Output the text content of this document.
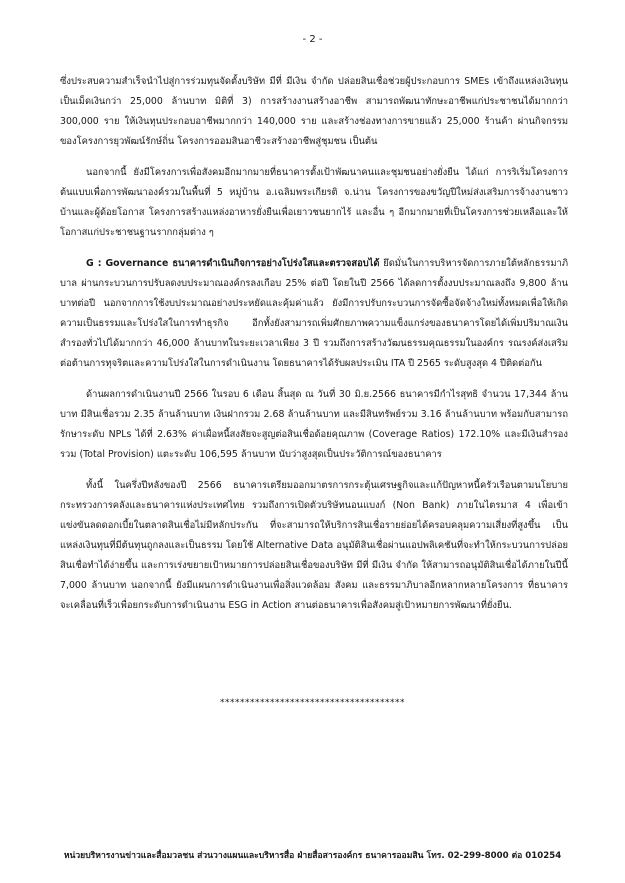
- 2 -

ซึ่งประสบความสำเร็จนำไปสู่การร่วมทุนจัดตั้งบริษัท มีที่ มีเงิน จำกัด ปล่อยสินเชื่อช่วยผู้ประกอบการ SMEs เข้าถึงแหล่งเงินทุนเป็นเม็ดเงินกว่า 25,000 ล้านบาท มิติที่ 3) การสร้างงานสร้างอาชีพ สามารถพัฒนาทักษะอาชีพแก่ประชาชนได้มากกว่า 300,000 ราย ให้เงินทุนประกอบอาชีพมากกว่า 140,000 ราย และสร้างช่องทางการขายแล้ว 25,000 ร้านค้า ผ่านกิจกรรมของโครงการยุวพัฒน์รักษ์ถิ่น โครงการออมสินอาชีวะสร้างอาชีพสู่ชุมชน เป็นต้น

นอกจากนี้ ยังมีโครงการเพื่อสังคมอีกมากมายที่ธนาคารตั้งเป้าพัฒนาคนและชุมชนอย่างยั่งยืน ได้แก่ การริเริ่มโครงการต้นแบบเพื่อการพัฒนาองค์รวมในพื้นที่ 5 หมู่บ้าน อ.เฉลิมพระเกียรติ จ.น่าน โครงการของขวัญปีใหม่ส่งเสริมการจ้างงานชาวบ้านและผู้ด้อยโอกาส โครงการสร้างแหล่งอาหารยั่งยืนเพื่อเยาวชนยากไร้ และอื่น ๆ อีกมากมายที่เป็นโครงการช่วยเหลือและให้โอกาสแก่ประชาชนฐานรากกลุ่มต่าง ๆ

G : Governance ธนาคารดำเนินกิจการอย่างโปร่งใสและตรวจสอบได้ ยึดมั่นในการบริหารจัดการภายใต้หลักธรรมาภิบาล ผ่านกระบวนการปรับลดงบประมาณองค์กรลงเกือบ 25% ต่อปี โดยในปี 2566 ได้ลดการตั้งงบประมาณลงถึง 9,800 ล้านบาทต่อปี นอกจากการใช้งบประมาณอย่างประหยัดและคุ้มค่าแล้ว ยังมีการปรับกระบวนการจัดซื้อจัดจ้างใหม่ทั้งหมดเพื่อให้เกิดความเป็นธรรมและโปร่งใสในการทำธุรกิจ อีกทั้งยังสามารถเพิ่มศักยภาพความแข็งแกร่งของธนาคารโดยได้เพิ่มปริมาณเงินสำรองทั่วไปได้มากกว่า 46,000 ล้านบาทในระยะเวลาเพียง 3 ปี รวมถึงการสร้างวัฒนธรรมคุณธรรมในองค์กร รณรงค์ส่งเสริมต่อต้านการทุจริตและความโปร่งใสในการดำเนินงาน โดยธนาคารได้รับผลประเมิน ITA ปี 2565 ระดับสูงสุด 4 ปีติดต่อกัน

ด้านผลการดำเนินงานปี 2566 ในรอบ 6 เดือน สิ้นสุด ณ วันที่ 30 มิ.ย.2566 ธนาคารมีกำไรสุทธิ จำนวน 17,344 ล้านบาท มีสินเชื่อรวม 2.35 ล้านล้านบาท เงินฝากรวม 2.68 ล้านล้านบาท และมีสินทรัพย์รวม 3.16 ล้านล้านบาท พร้อมกับสามารถรักษาระดับ NPLs ได้ที่ 2.63% ค่าเผื่อหนี้สงสัยจะสูญต่อสินเชื่อด้อยคุณภาพ (Coverage Ratios) 172.10% และมีเงินสำรองรวม (Total Provision) แตะระดับ 106,595 ล้านบาท นับว่าสูงสุดเป็นประวัติการณ์ของธนาคาร

ทั้งนี้ ในครึ่งปีหลังของปี 2566 ธนาคารเตรียมออกมาตรการกระตุ้นเศรษฐกิจและแก้ปัญหาหนี้ครัวเรือนตามนโยบายกระทรวงการคลังและธนาคารแห่งประเทศไทย รวมถึงการเปิดตัวบริษัทนอนแบงก์ (Non Bank) ภายในไตรมาส 4 เพื่อเข้าแข่งขันลดดอกเบี้ยในตลาดสินเชื่อไม่มีหลักประกัน ที่จะสามารถให้บริการสินเชื่อรายย่อยได้ครอบคลุมความเสี่ยงที่สูงขึ้น เป็นแหล่งเงินทุนที่มีต้นทุนถูกลงและเป็นธรรม โดยใช้ Alternative Data อนุมัติสินเชื่อผ่านแอปพลิเคชันที่จะทำให้กระบวนการปล่อยสินเชื่อทำได้ง่ายขึ้น และการเร่งขยายเป้าหมายการปล่อยสินเชื่อของบริษัท มีที่ มีเงิน จำกัด ให้สามารถอนุมัติสินเชื่อได้ภายในปีนี้ 7,000 ล้านบาท นอกจากนี้ ยังมีแผนการดำเนินงานเพื่อสิ่งแวดล้อม สังคม และธรรมาภิบาลอีกหลากหลายโครงการ ที่ธนาคารจะเคลื่อนที่เร็วเพื่อยกระดับการดำเนินงาน ESG in Action สานต่อธนาคารเพื่อสังคมสู่เป้าหมายการพัฒนาที่ยั่งยืน.

*************************************
หน่วยบริหารงานข่าวและสื่อมวลชน ส่วนวางแผนและบริหารสื่อ ฝ่ายสื่อสารองค์กร ธนาคารออมสิน โทร. 02-299-8000 ต่อ 010254
